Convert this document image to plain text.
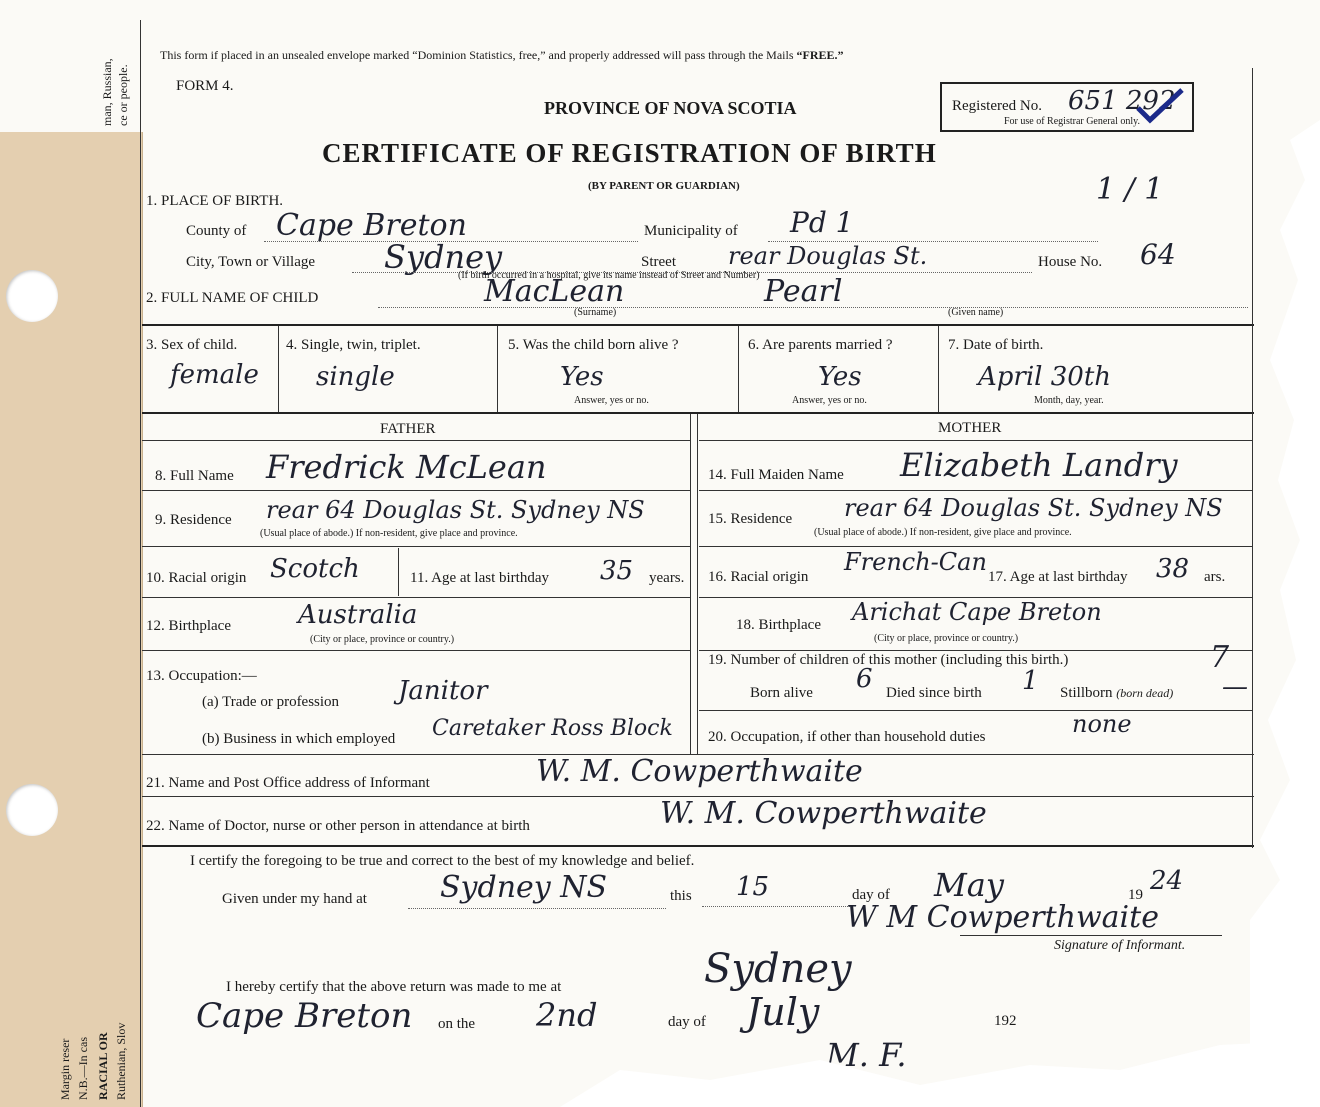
man, Russian, ce or people.
Margin reser N.B.—In cas RACIAL OR Ruthenian, Slov
This form if placed in an unsealed envelope marked “Dominion Statistics, free,” and properly addressed will pass through the Mails “FREE.”
FORM 4.
PROVINCE OF NOVA SCOTIA
CERTIFICATE OF REGISTRATION OF BIRTH
(BY PARENT OR GUARDIAN)
Registered No. 651 292
For use of Registrar General only.
1 / 1
1. PLACE OF BIRTH.
County of Cape Breton	Municipality of Pd 1
City, Town or Village Sydney	Street rear Douglas St.	House No. 64
(If birth occurred in a hospital, give its name instead of Street and Number)
2. FULL NAME OF CHILD	MacLean	Pearl
(Surname)	(Given name)
3. Sex of child.
female
4. Single, twin, triplet.
single
5. Was the child born alive ?
Yes
Answer, yes or no.
6. Are parents married ?
Yes
Answer, yes or no.
7. Date of birth.
April 30th
Month, day, year.
FATHER	MOTHER
8. Full Name Fredrick McLean
9. Residence rear 64 Douglas St. Sydney NS
(Usual place of abode.) If non-resident, give place and province.
10. Racial origin Scotch	11. Age at last birthday 35 years.
12. Birthplace	Australia
(City or place, province or country.)
13. Occupation:—
(a) Trade or profession Janitor
(b) Business in which employed Caretaker Ross Block
14. Full Maiden Name Elizabeth Landry
15. Residence rear 64 Douglas St. Sydney NS
(Usual place of abode.) If non-resident, give place and province.
16. Racial origin
French-Can
17. Age at last birthday 38 ars.
18. Birthplace Arichat Cape Breton
(City or place, province or country.)
19. Number of children of this mother (including this birth.)	7
Born alive 6 Died since birth 1 Stillborn (born dead) —
20. Occupation, if other than household duties	none
21. Name and Post Office address of Informant	W. M. Cowperthwaite
22. Name of Doctor, nurse or other person in attendance at birth	W. M. Cowperthwaite
I certify the foregoing to be true and correct to the best of my knowledge and belief.
Given under my hand at Sydney NS	this 15	day of May	19 24
W M Cowperthwaite
Signature of Informant.
I hereby certify that the above return was made to me at	Sydney
Cape Breton on the 2nd	day of July	192
M. F.
